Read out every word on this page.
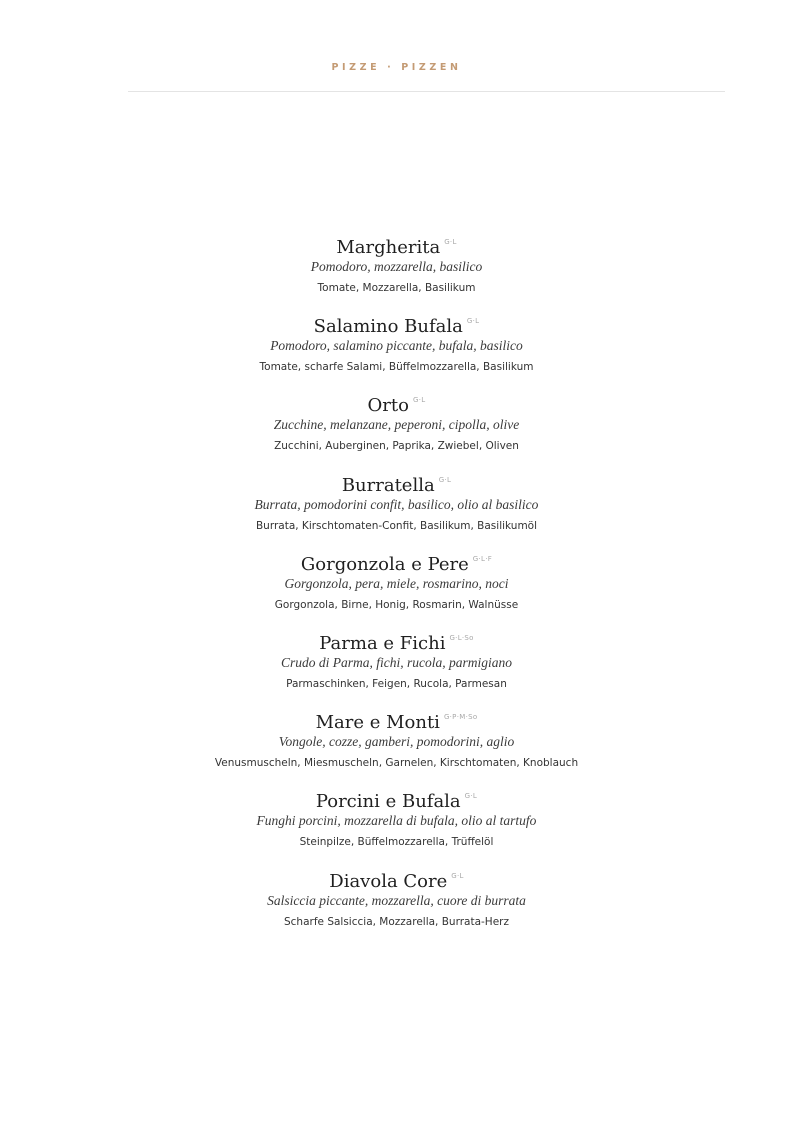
PIZZE · PIZZEN
Margherita $^{G\cdot L}$
Pomodoro, mozzarella, basilico
Tomate, Mozzarella, Basilikum
Salamino Bufala $^{G\cdot L}$
Pomodoro, salamino piccante, bufala, basilico
Tomate, scharfe Salami, Büffelmozzarella, Basilikum
Orto $^{G\cdot L}$
Zucchine, melanzane, peperoni, cipolla, olive
Zucchini, Auberginen, Paprika, Zwiebel, Oliven
Burratella $^{G\cdot L}$
Burrata, pomodorini confit, basilico, olio al basilico
Burrata, Kirschtomaten-Confit, Basilikum, Basilikumöl
Gorgonzola e Pere $^{G\cdot L\cdot F}$
Gorgonzola, pera, miele, rosmarino, noci
Gorgonzola, Birne, Honig, Rosmarin, Walnüsse
Parma e Fichi $^{G\cdot L\cdot So}$
Crudo di Parma, fichi, rucola, parmigiano
Parmaschinken, Feigen, Rucola, Parmesan
Mare e Monti $^{G\cdot P\cdot M\cdot So}$
Vongole, cozze, gamberi, pomodorini, aglio
Venusmuscheln, Miesmuscheln, Garnelen, Kirschtomaten, Knoblauch
Porcini e Bufala $^{G\cdot L}$
Funghi porcini, mozzarella di bufala, olio al tartufo
Steinpilze, Büffelmozzarella, Trüffelöl
Diavola Core $^{G\cdot L}$
Salsiccia piccante, mozzarella, cuore di burrata
Scharfe Salsiccia, Mozzarella, Burrata-Herz
